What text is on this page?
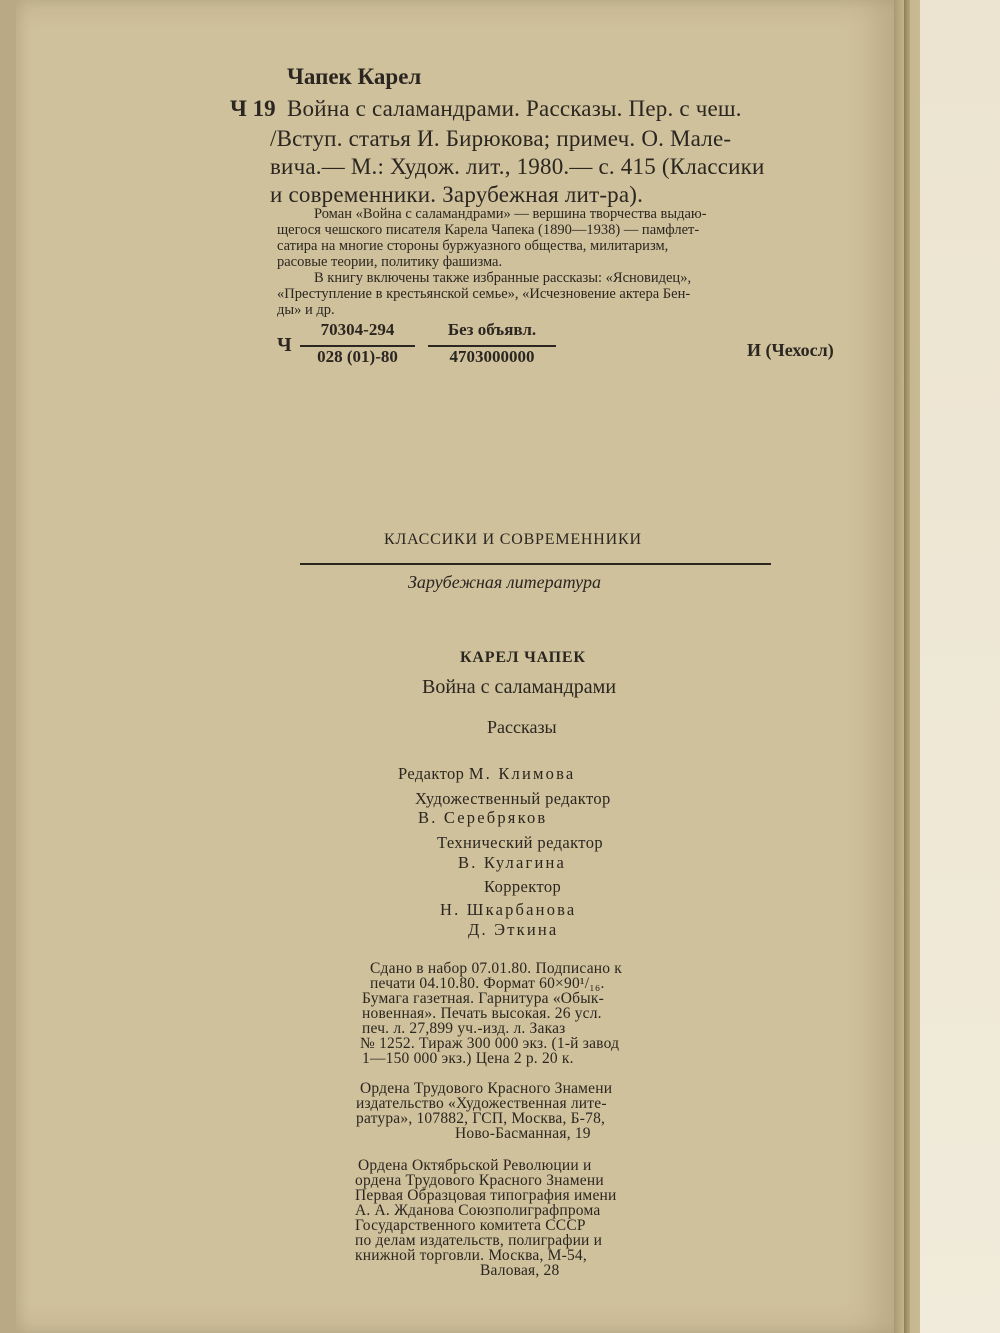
Чапек Карел
Ч 19 Война с саламандрами. Рассказы. Пер. с чеш.
/Вступ. статья И. Бирюкова; примеч. О. Мале-
вича.— М.: Худож. лит., 1980.— с. 415 (Классики
и современники. Зарубежная лит-ра).
Роман «Война с саламандрами» — вершина творчества выдаю-
щегося чешского писателя Карела Чапека (1890—1938) — памфлет-
сатира на многие стороны буржуазного общества, милитаризм,
расовые теории, политику фашизма.
В книгу включены также избранные рассказы: «Ясновидец»,
«Преступление в крестьянской семье», «Исчезновение актера Бен-
ды» и др.
Ч
70304-294
028 (01)-80
Без объявл.
4703000000	И (Чехосл)
КЛАССИКИ И СОВРЕМЕННИКИ
Зарубежная литература
КАРЕЛ ЧАПЕК
Война с саламандрами
Рассказы
Редактор М. Климова
Художественный редактор
В. Серебряков
Технический редактор
В. Кулагина
Корректор
Н. Шкарбанова
Д. Эткина
Сдано в набор 07.01.80. Подписано к
печати 04.10.80. Формат 60×90¹/₁₆.
Бумага газетная. Гарнитура «Обык-
новенная». Печать высокая. 26 усл.
печ. л. 27,899 уч.-изд. л. Заказ
№ 1252. Тираж 300 000 экз. (1-й завод
1—150 000 экз.) Цена 2 р. 20 к.
Ордена Трудового Красного Знамени
издательство «Художественная лите-
ратура», 107882, ГСП, Москва, Б-78,
Ново-Басманная, 19
Ордена Октябрьской Революции и
ордена Трудового Красного Знамени
Первая Образцовая типография имени
А. А. Жданова Союзполиграфпрома
Государственного комитета СССР
по делам издательств, полиграфии и
книжной торговли. Москва, М-54,
Валовая, 28
